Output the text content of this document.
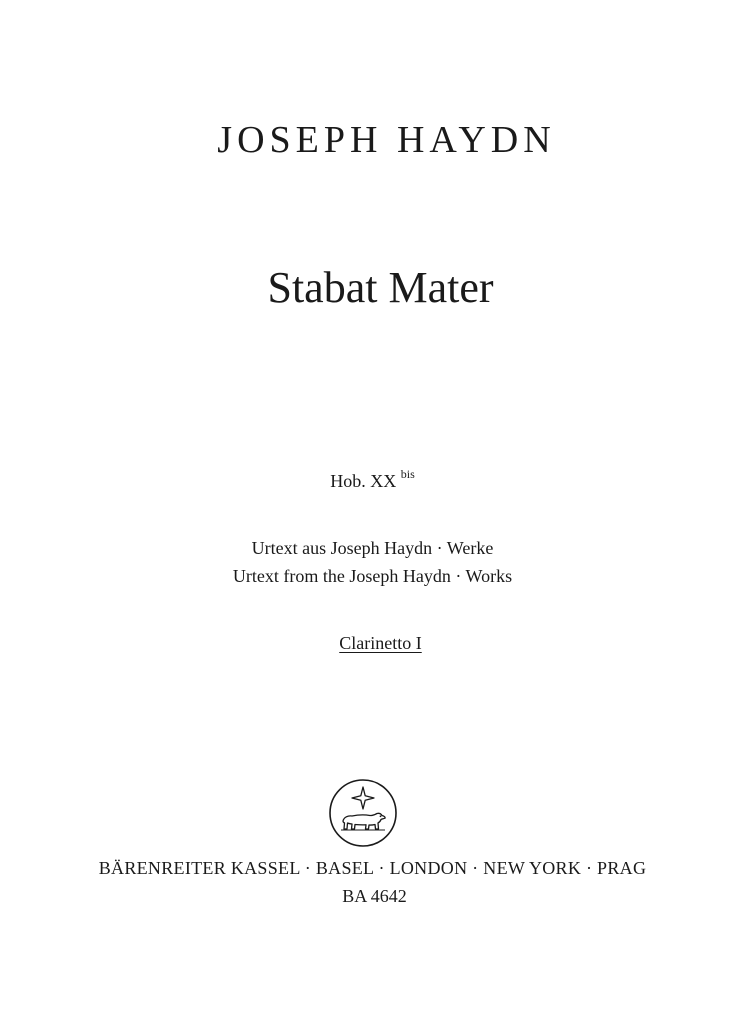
JOSEPH HAYDN
Stabat Mater
Hob. XX $^{bis}$
Urtext aus Joseph Haydn · Werke
Urtext from the Joseph Haydn · Works
Clarinetto I
BÄRENREITER KASSEL · BASEL · LONDON · NEW YORK · PRAG
BA 4642
